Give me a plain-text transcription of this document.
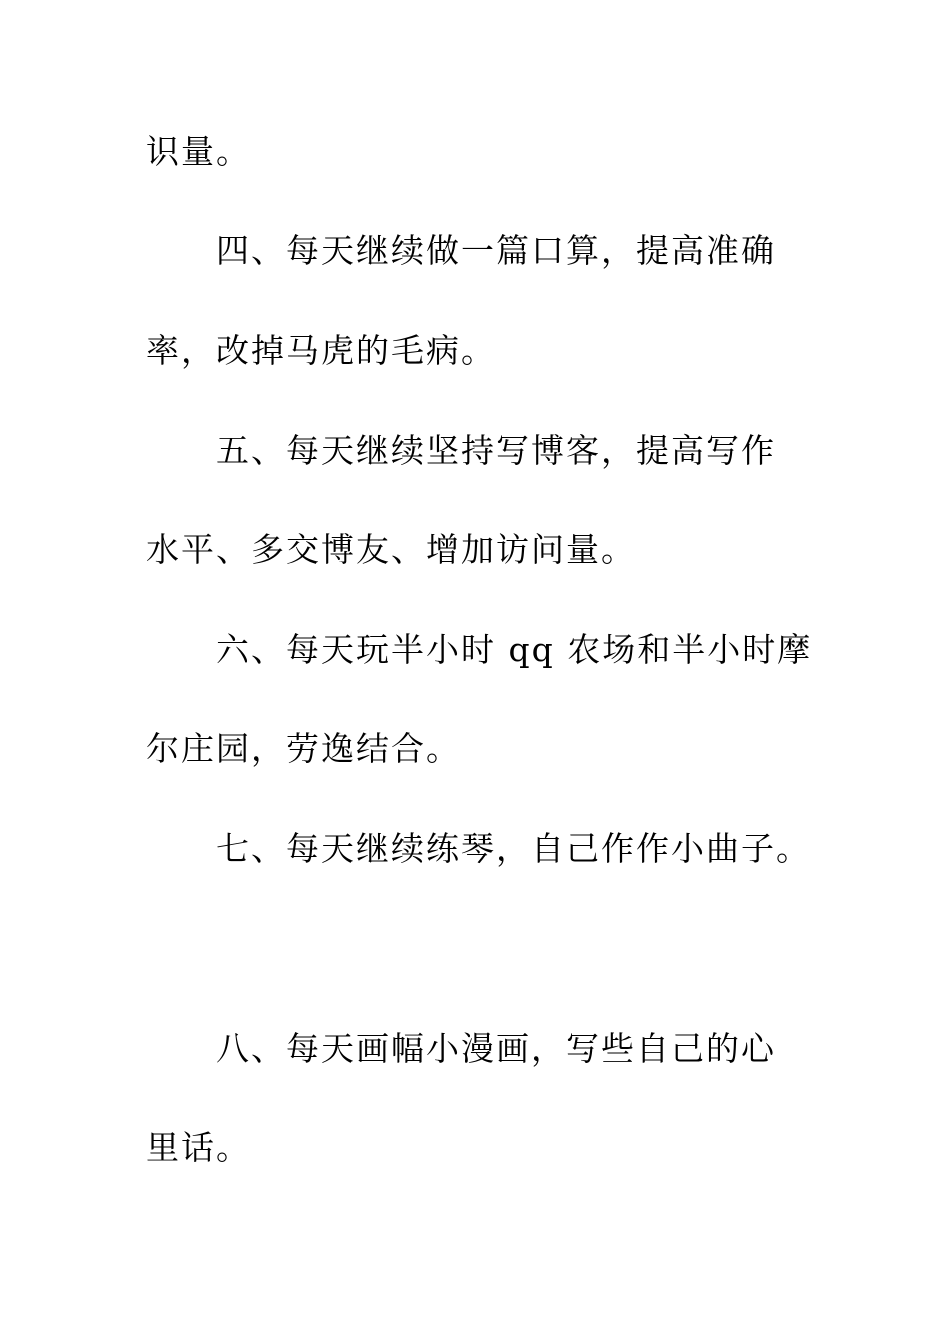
识量。
四、每天继续做一篇口算，提高准确
率，改掉马虎的毛病。
五、每天继续坚持写博客，提高写作
水平、多交博友、增加访问量。
六、每天玩半小时 qq 农场和半小时摩
尔庄园，劳逸结合。
七、每天继续练琴，自己作作小曲子。
八、每天画幅小漫画，写些自己的心
里话。
